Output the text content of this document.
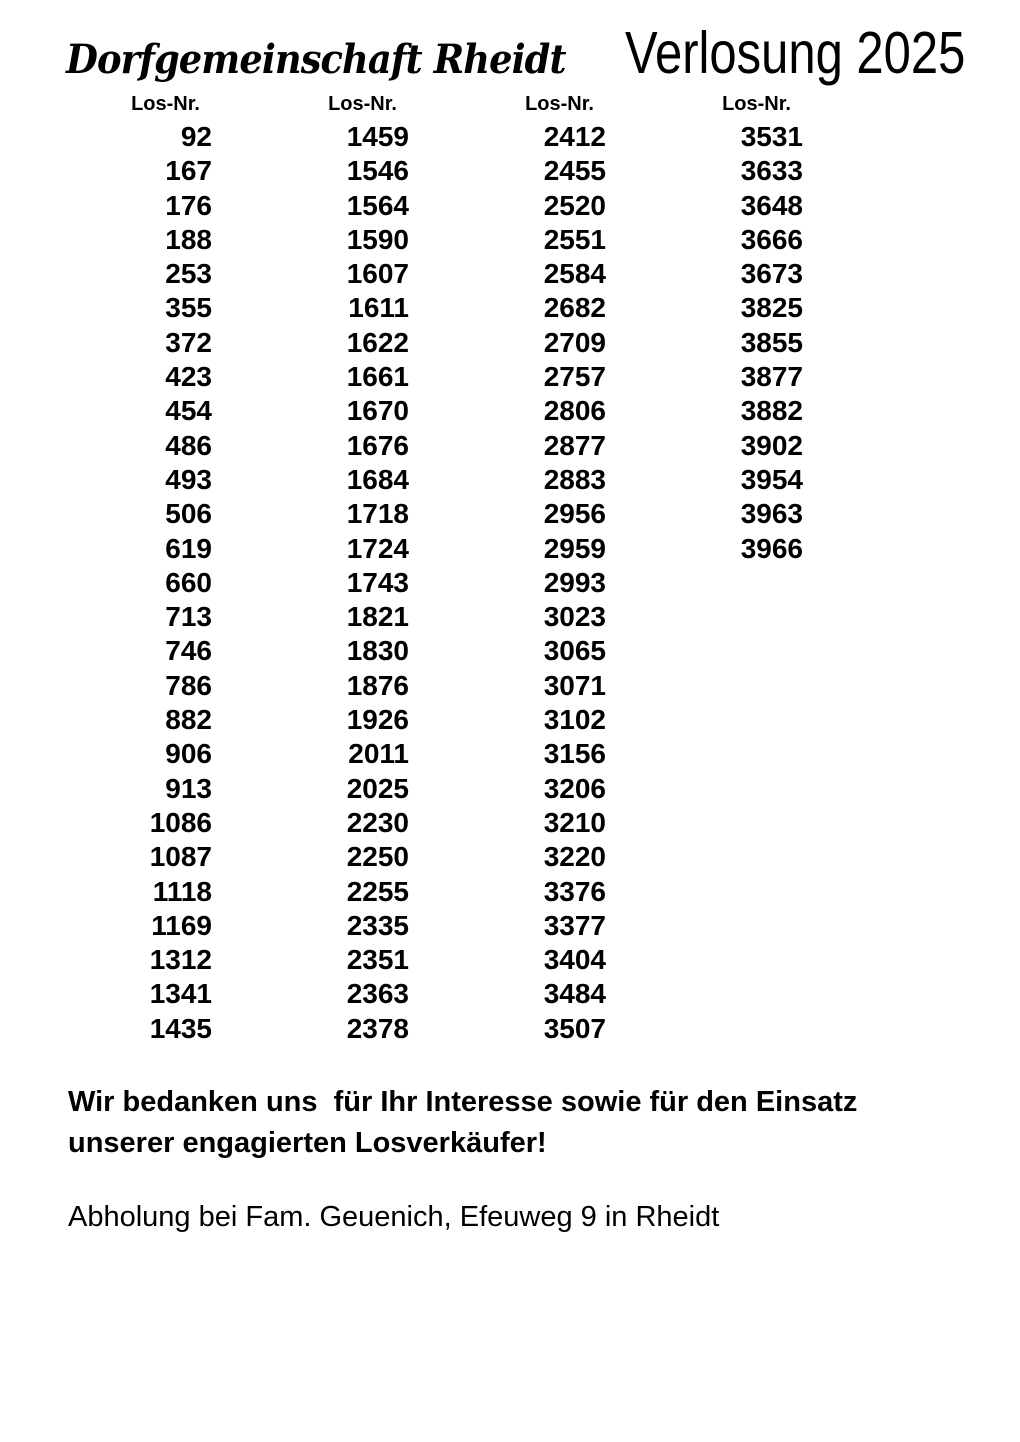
Dorfgemeinschaft Rheidt Verlosung 2025
Los-Nr.
92
167
176
188
253
355
372
423
454
486
493
506
619
660
713
746
786
882
906
913
1086
1087
1118
1169
1312
1341
1435
Los-Nr.
1459
1546
1564
1590
1607
1611
1622
1661
1670
1676
1684
1718
1724
1743
1821
1830
1876
1926
2011
2025
2230
2250
2255
2335
2351
2363
2378
Los-Nr.
2412
2455
2520
2551
2584
2682
2709
2757
2806
2877
2883
2956
2959
2993
3023
3065
3071
3102
3156
3206
3210
3220
3376
3377
3404
3484
3507
Los-Nr.
3531
3633
3648
3666
3673
3825
3855
3877
3882
3902
3954
3963
3966

Wir bedanken uns  für Ihr Interesse sowie für den Einsatz
unserer engagierten Losverkäufer!

Abholung bei Fam. Geuenich, Efeuweg 9 in Rheidt
